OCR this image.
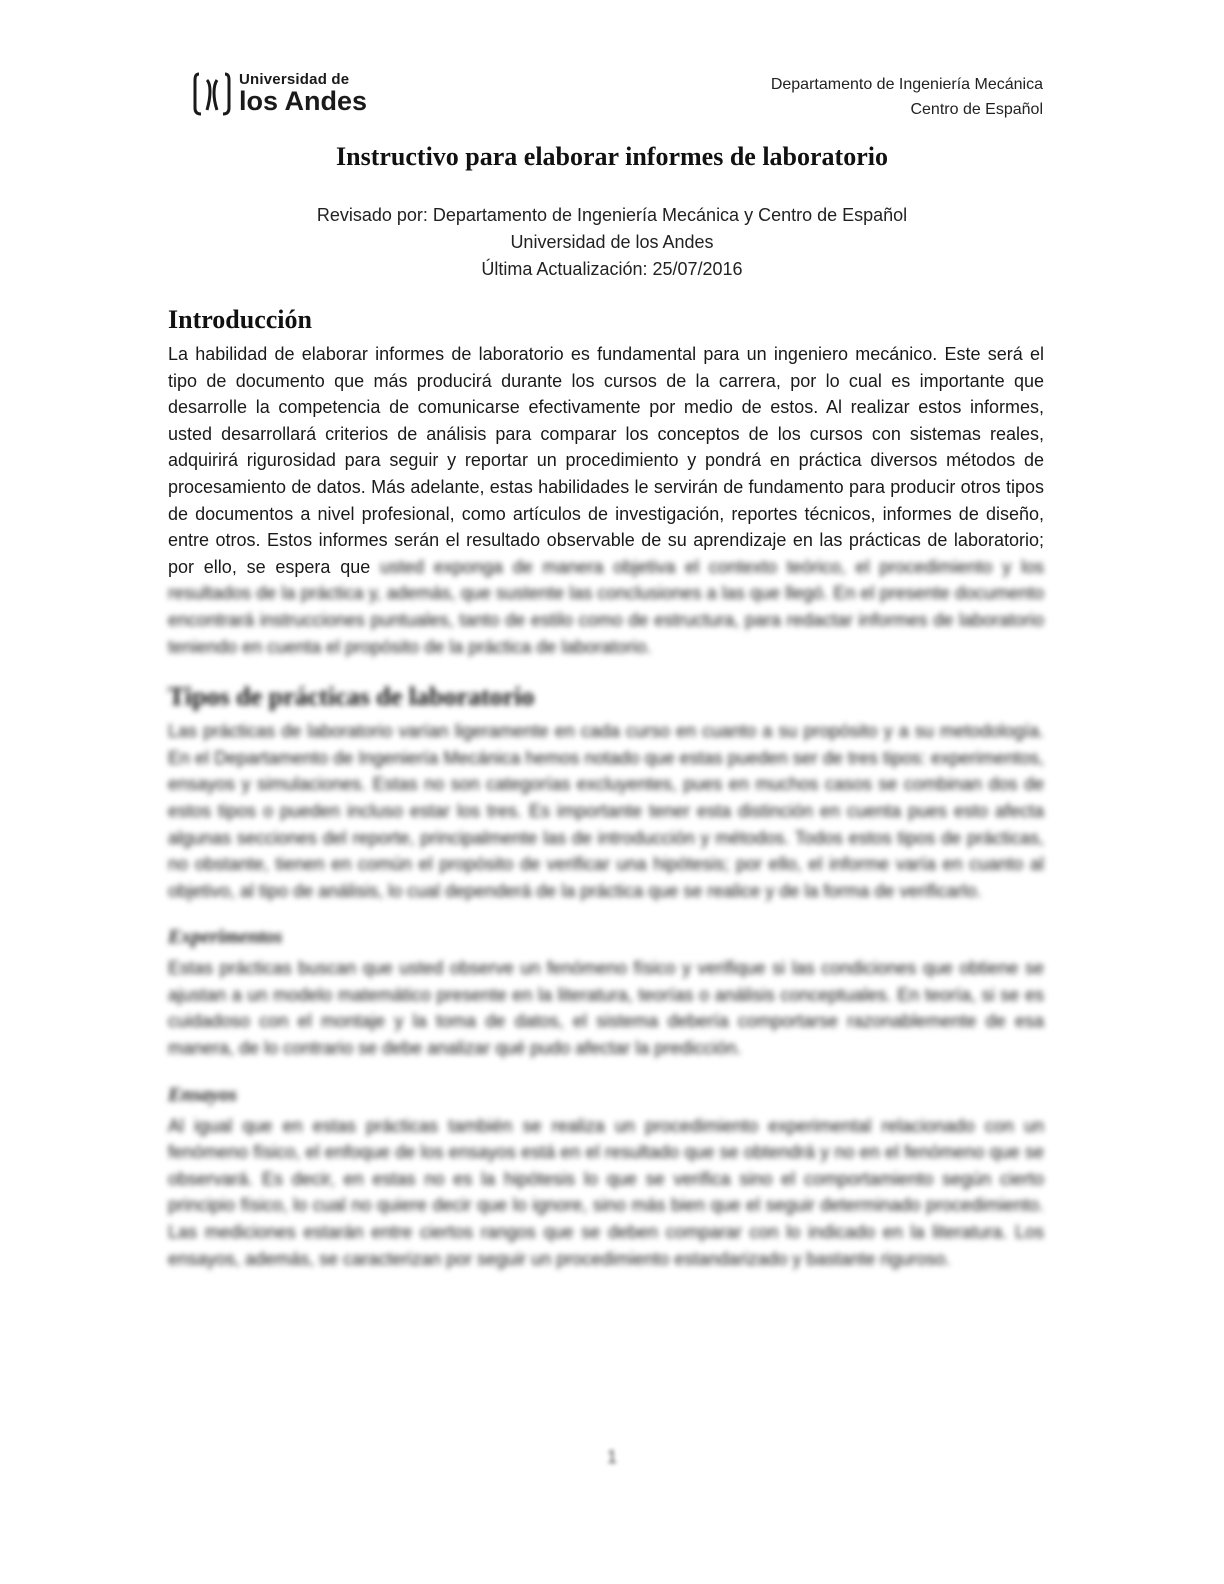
Universidad de
los Andes
Departamento de Ingeniería Mecánica
Centro de Español
Instructivo para elaborar informes de laboratorio
Revisado por: Departamento de Ingeniería Mecánica y Centro de Español
Universidad de los Andes
Última Actualización: 25/07/2016
Introducción

La habilidad de elaborar informes de laboratorio es fundamental para un ingeniero mecánico. Este será el tipo de documento que más producirá durante los cursos de la carrera, por lo cual es importante que desarrolle la competencia de comunicarse efectivamente por medio de estos. Al realizar estos informes, usted desarrollará criterios de análisis para comparar los conceptos de los cursos con sistemas reales, adquirirá rigurosidad para seguir y reportar un procedimiento y pondrá en práctica diversos métodos de procesamiento de datos. Más adelante, estas habilidades le servirán de fundamento para producir otros tipos de documentos a nivel profesional, como artículos de investigación, reportes técnicos, informes de diseño, entre otros. Estos informes serán el resultado observable de su aprendizaje en las prácticas de laboratorio; por ello, se espera que usted exponga de manera objetiva el contexto teórico, el procedimiento y los resultados de la práctica y, además, que sustente las conclusiones a las que llegó. En el presente documento encontrará instrucciones puntuales, tanto de estilo como de estructura, para redactar informes de laboratorio teniendo en cuenta el propósito de la práctica de laboratorio.

Tipos de prácticas de laboratorio

Las prácticas de laboratorio varían ligeramente en cada curso en cuanto a su propósito y a su metodología. En el Departamento de Ingeniería Mecánica hemos notado que estas pueden ser de tres tipos: experimentos, ensayos y simulaciones. Estas no son categorías excluyentes, pues en muchos casos se combinan dos de estos tipos o pueden incluso estar los tres. Es importante tener esta distinción en cuenta pues esto afecta algunas secciones del reporte, principalmente las de introducción y métodos. Todos estos tipos de prácticas, no obstante, tienen en común el propósito de verificar una hipótesis; por ello, el informe varía en cuanto al objetivo, al tipo de análisis, lo cual dependerá de la práctica que se realice y de la forma de verificarlo.

Experimentos

Estas prácticas buscan que usted observe un fenómeno físico y verifique si las condiciones que obtiene se ajustan a un modelo matemático presente en la literatura, teorías o análisis conceptuales. En teoría, si se es cuidadoso con el montaje y la toma de datos, el sistema debería comportarse razonablemente de esa manera, de lo contrario se debe analizar qué pudo afectar la predicción.

Ensayos

Al igual que en estas prácticas también se realiza un procedimiento experimental relacionado con un fenómeno físico, el enfoque de los ensayos está en el resultado que se obtendrá y no en el fenómeno que se observará. Es decir, en estas no es la hipótesis lo que se verifica sino el comportamiento según cierto principio físico, lo cual no quiere decir que lo ignore, sino más bien que el seguir determinado procedimiento. Las mediciones estarán entre ciertos rangos que se deben comparar con lo indicado en la literatura. Los ensayos, además, se caracterizan por seguir un procedimiento estandarizado y bastante riguroso.

1
